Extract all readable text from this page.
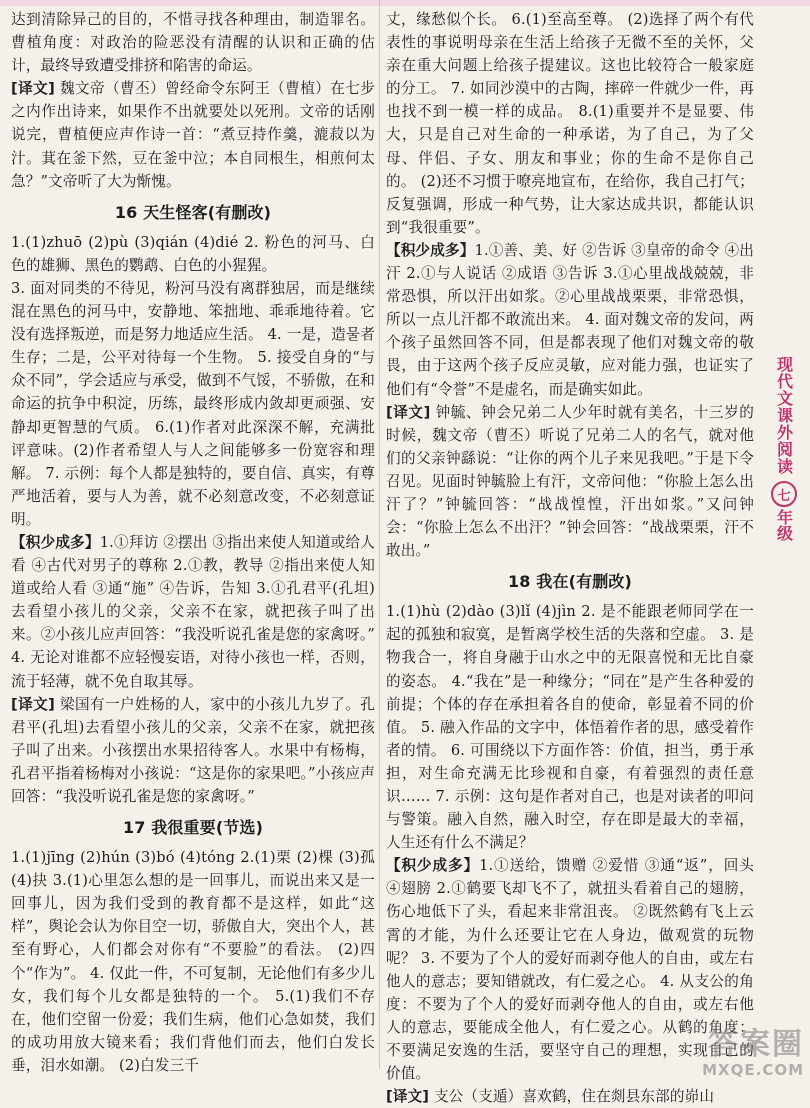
达到清除异己的目的，不惜寻找各种理由，制造罪名。曹植角度：对政治的险恶没有清醒的认识和正确的估计，最终导致遭受排挤和陷害的命运。

[译文] 魏文帝（曹丕）曾经命令东阿王（曹植）在七步之内作出诗来，如果作不出就要处以死刑。文帝的话刚说完，曹植便应声作诗一首：“煮豆持作羹，漉菽以为汁。萁在釜下然，豆在釜中泣；本自同根生，相煎何太急？”文帝听了大为惭愧。

16 天生怪客(有删改)

1.(1)zhuō (2)pù (3)qián (4)dié 2. 粉色的河马、白色的雄狮、黑色的鹦鹉、白色的小猩猩。

3. 面对同类的不待见，粉河马没有离群独居，而是继续混在黑色的河马中，安静地、笨拙地、乖乖地待着。它没有选择叛逆，而是努力地适应生活。 4. 一是，造물者生存；二是，公平对待每一个生物。 5. 接受自身的“与众不同”，学会适应与承受，做到不气馁，不骄傲，在和命运的抗争中积淀，历练，最终形成内敛却更顽强、安静却更智慧的气质。 6.(1)作者对此深深不解，充满批评意味。(2)作者希望人与人之间能够多一份宽容和理解。 7. 示例：每个人都是独特的，要自信、真实，有尊严地活着，要与人为善，就不必刻意改变，不必刻意证明。

【积少成多】1.①拜访 ②摆出 ③指出来使人知道或给人看 ④古代对男子的尊称 2.①教，教导 ②指出来使人知道或给人看 ③通“施” ④告诉，告知 3.①孔君平(孔坦)去看望小孩儿的父亲，父亲不在家，就把孩子叫了出来。②小孩儿应声回答：“我没听说孔雀是您的家禽呀。” 4. 无论对谁都不应轻慢妄语，对待小孩也一样，否则，流于轻薄，就不免自取其辱。

[译文] 梁国有一户姓杨的人，家中的小孩儿九岁了。孔君平(孔坦)去看望小孩儿的父亲，父亲不在家，就把孩子叫了出来。小孩摆出水果招待客人。水果中有杨梅，孔君平指着杨梅对小孩说：“这是你的家果吧。”小孩应声回答：“我没听说孔雀是您的家禽呀。”

17 我很重要(节选)

1.(1)jīng (2)hún (3)bó (4)tóng 2.(1)栗 (2)棵 (3)孤 (4)抉 3.(1)心里怎么想的是一回事儿，而说出来又是一回事儿，因为我们受到的教育都不是这样，如此“这样”，舆论会认为你目空一切，骄傲自大，突出个人，甚至有野心，人们都会对你有“不要脸”的看法。 (2)四个“作为”。 4. 仅此一件，不可复制，无论他们有多少儿女，我们每个儿女都是独特的一个。 5.(1)我们不存在，他们空留一份爱；我们生病，他们心急如焚，我们的成功用放大镜来看；我们背他们而去，他们白发长垂，泪水如潮。 (2)白发三千

丈，缘愁似个长。 6.(1)至高至尊。 (2)选择了两个有代表性的事说明母亲在生活上给孩子无微不至的关怀，父亲在重大问题上给孩子提建议。这也比较符合一般家庭的分工。 7. 如同沙漠中的古陶，摔碎一件就少一件，再也找不到一模一样的成品。 8.(1)重要并不是显要、伟大，只是自己对生命的一种承诺，为了自己，为了父母、伴侣、子女、朋友和事业；你的生命不是你自己的。 (2)还不习惯于嘹亮地宣布，在给你，我自己打气；反复强调，形成一种气势，让大家达成共识，都能认识到“我很重要”。

【积少成多】1.①善、美、好 ②告诉 ③皇帝的命令 ④出汗 2.①与人说话 ②成语 ③告诉 3.①心里战战兢兢，非常恐惧，所以汗出如浆。②心里战战栗栗，非常恐惧，所以一点儿汗都不敢流出来。 4. 面对魏文帝的发问，两个孩子虽然回答不同，但是都表现了他们对魏文帝的敬畏，由于这两个孩子反应灵敏，应对能力强，也证实了他们有“令誉”不是虚名，而是确实如此。

[译文] 钟毓、钟会兄弟二人少年时就有美名，十三岁的时候，魏文帝（曹丕）听说了兄弟二人的名气，就对他们的父亲钟繇说：“让你的两个儿子来见我吧。”于是下令召见。见面时钟毓脸上有汗，文帝问他：“你脸上怎么出汗了？”钟毓回答：“战战惶惶，汗出如浆。”又问钟会：“你脸上怎么不出汗？”钟会回答：“战战栗栗，汗不敢出。”

18 我在(有删改)

1.(1)hù (2)dào (3)lǐ (4)jìn 2. 是不能跟老师同学在一起的孤独和寂寞，是暂离学校生活的失落和空虚。 3. 是物我合一，将自身融于山水之中的无限喜悦和无比自豪的姿态。 4.“我在”是一种缘分；“同在”是产生各种爱的前提；个体的存在承担着各自的使命，彰显着不同的价值。 5. 融入作品的文字中，体悟着作者的思，感受着作者的情。 6. 可围绕以下方面作答：价值，担当，勇于承担，对生命充满无比珍视和自豪，有着强烈的责任意识…… 7. 示例：这句是作者对自己，也是对读者的叩问与警策。融入自然，融入时空，存在即是最大的幸福，人生还有什么不满足？

【积少成多】1.①送给，馈赠 ②爱惜 ③通“返”，回头 ④翅膀 2.①鹤要飞却飞不了，就扭头看着自己的翅膀，伤心地低下了头，看起来非常沮丧。 ②既然鹤有飞上云霄的才能，为什么还要让它在人身边，做观赏的玩物呢？ 3. 不要为了个人的爱好而剥夺他人的自由，或左右他人的意志；要知错就改，有仁爱之心。 4. 从支公的角度：不要为了个人的爱好而剥夺他人的自由，或左右他人的意志，要能成全他人，有仁爱之心。从鹤的角度：不要满足安逸的生活，要坚守自己的理想，实现自己的价值。

[译文] 支公（支遁）喜欢鹤，住在剡县东部的峁山

现代文课外阅读
七
年级
答案圈
MXQE.COM
